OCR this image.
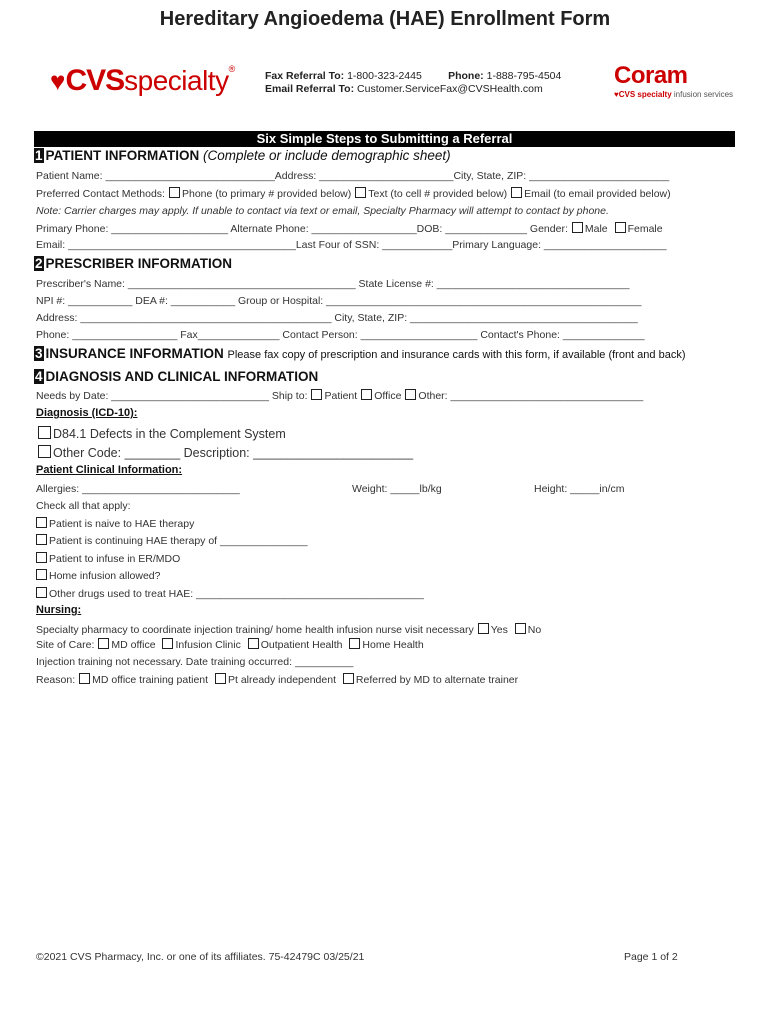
Hereditary Angioedema (HAE) Enrollment Form
♥CVSspecialty®
Fax Referral To: 1-800-323-2445	Phone: 1-888-795-4504
Email Referral To: Customer.ServiceFax@CVSHealth.com	Coram
♥CVS specialty infusion services
Six Simple Steps to Submitting a Referral
1 PATIENT INFORMATION (Complete or include demographic sheet)
Patient Name: _____________________________Address: _______________________City, State, ZIP: ________________________
Preferred Contact Methods: Phone (to primary # provided below) Text (to cell # provided below) Email (to email provided below)
Note: Carrier charges may apply. If unable to contact via text or email, Specialty Pharmacy will attempt to contact by phone.
Primary Phone: ____________________ Alternate Phone: __________________DOB: ______________ Gender: Male Female
Email: _______________________________________Last Four of SSN: ____________Primary Language: _____________________
2 PRESCRIBER INFORMATION
Prescriber's Name: _______________________________________ State License #: _________________________________
NPI #: ___________ DEA #: ___________ Group or Hospital: ______________________________________________________
Address: ___________________________________________ City, State, ZIP: _______________________________________
Phone: __________________ Fax______________ Contact Person: ____________________ Contact's Phone: ______________
3 INSURANCE INFORMATION Please fax copy of prescription and insurance cards with this form, if available (front and back)
4 DIAGNOSIS AND CLINICAL INFORMATION
Needs by Date: ___________________________ Ship to: Patient Office Other: _________________________________
Diagnosis (ICD-10):
D84.1 Defects in the Complement System
Other Code: ________ Description: _______________________
Patient Clinical Information:
Allergies: ___________________________	Weight: _____lb/kg	Height: _____in/cm
Check all that apply:
Patient is naive to HAE therapy
Patient is continuing HAE therapy of _______________
Patient to infuse in ER/MDO
Home infusion allowed?
Other drugs used to treat HAE: _______________________________________
Nursing:
Specialty pharmacy to coordinate injection training/ home health infusion nurse visit necessary Yes No
Site of Care: MD office Infusion Clinic Outpatient Health Home Health
Injection training not necessary. Date training occurred: __________
Reason: MD office training patient Pt already independent Referred by MD to alternate trainer
©2021 CVS Pharmacy, Inc. or one of its affiliates. 75-42479C 03/25/21	Page 1 of 2
